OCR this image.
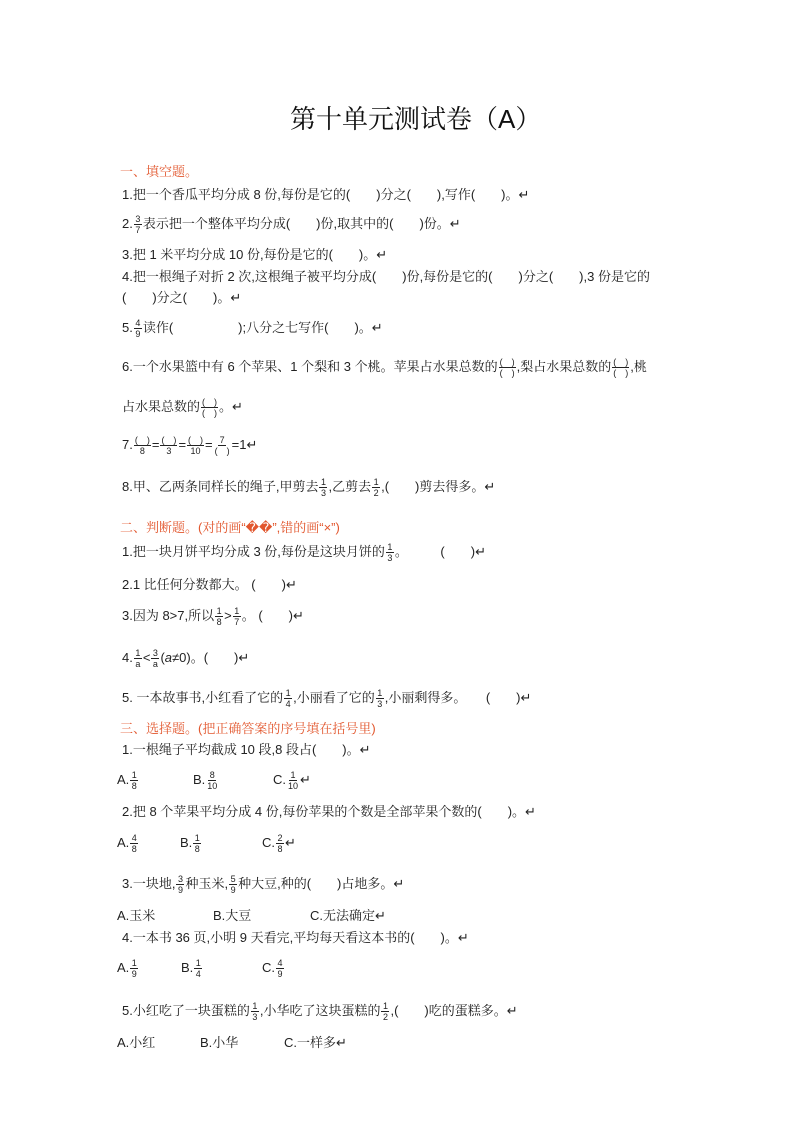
第十单元测试卷（A）
一、填空题。
1.把一个香瓜平均分成 8 份,每份是它的(　　)分之(　　),写作(　　)。↵
2. $\frac{3}{7}$ 表示把一个整体平均分成(　　)份,取其中的(　　)份。↵
3.把 1 米平均分成 10 份,每份是它的(　　)。↵
4.把一根绳子对折 2 次,这根绳子被平均分成(　　)份,每份是它的(　　)分之(　　),3 份是它的
(　　)分之(　　)。↵
5. $\frac{4}{9}$ 读作(　　　　　);八分之七写作(　　)。↵
6.一个水果篮中有 6 个苹果、1 个梨和 3 个桃。苹果占水果总数的 $\frac{( )}{( )}$ ,梨占水果总数的 $\frac{( )}{( )}$ ,桃
占水果总数的 $\frac{( )}{( )}$ 。↵
7. $\frac{( )}{8} = \frac{( )}{3} = \frac{( )}{10} = \frac{7}{( )}$ =1↵
8.甲、乙两条同样长的绳子,甲剪去 $\frac{1}{3}$ ,乙剪去 $\frac{1}{2}$ ,(　　)剪去得多。↵
二、判断题。(对的画“��”,错的画“×”)
1.把一块月饼平均分成 3 份,每份是这块月饼的 $\frac{1}{3}$ 。　　　(　　)↵
2.1 比任何分数都大。 (　　)↵
3.因为 8>7,所以 $\frac{1}{8} > \frac{1}{7}$ 。 (　　)↵
4. $\frac{1}{a} < \frac{3}{a}$ ( a ≠0)。(　　)↵
5. 一本故事书,小红看了它的 $\frac{1}{4}$ ,小丽看了它的 $\frac{1}{3}$ ,小丽剩得多。　　(　　)↵
三、选择题。(把正确答案的序号填在括号里)
1.一根绳子平均截成 10 段,8 段占(　　)。↵
A. $\frac{1}{8}$	B. $\frac{8}{10}$	C. $\frac{1}{10}$ ↵
2.把 8 个苹果平均分成 4 份,每份苹果的个数是全部苹果个数的(　　)。↵
A. $\frac{4}{8}$	B. $\frac{1}{8}$	C. $\frac{2}{8}$ ↵
3.一块地, $\frac{3}{9}$ 种玉米, $\frac{5}{9}$ 种大豆,种的(　　)占地多。↵
A.玉米	B.大豆	C.无法确定↵
4.一本书 36 页,小明 9 天看完,平均每天看这本书的(　　)。↵
A. $\frac{1}{9}$	B. $\frac{1}{4}$	C. $\frac{4}{9}$
5.小红吃了一块蛋糕的 $\frac{1}{3}$ ,小华吃了这块蛋糕的 $\frac{1}{2}$ ,(　　)吃的蛋糕多。↵
A.小红	B.小华	C.一样多↵
